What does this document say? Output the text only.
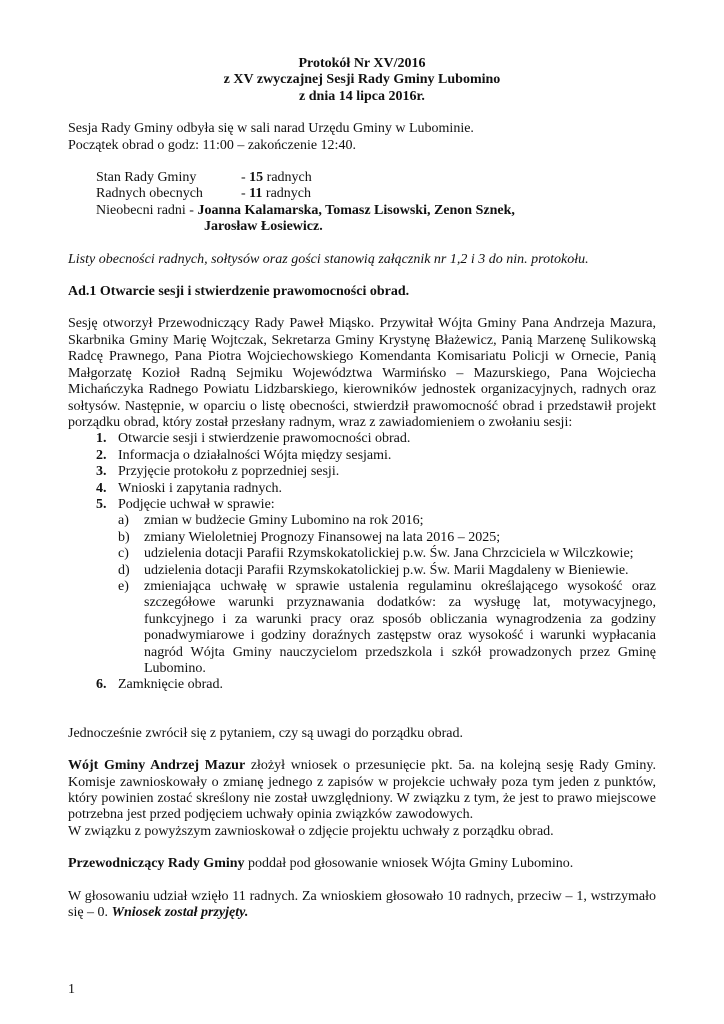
Protokół Nr XV/2016

z XV zwyczajnej Sesji Rady Gminy Lubomino

z dnia 14 lipca 2016r.

Sesja Rady Gminy odbyła się w sali narad Urzędu Gminy w Lubominie.

Początek obrad o godz: 11:00 – zakończenie 12:40.

Stan Rady Gminy	- 15 radnych
Radnych obecnych	- 11 radnych
Nieobecni radni - Joanna Kalamarska, Tomasz Lisowski, Zenon Sznek,
Jarosław Łosiewicz.

Listy obecności radnych, sołtysów oraz gości stanowią załącznik nr 1,2 i 3 do nin. protokołu.

Ad.1 Otwarcie sesji i stwierdzenie prawomocności obrad.

Sesję otworzył Przewodniczący Rady Paweł Miąsko. Przywitał Wójta Gminy Pana Andrzeja Mazura, Skarbnika Gminy Marię Wojtczak, Sekretarza Gminy Krystynę Błażewicz, Panią Marzenę Sulikowską Radcę Prawnego, Pana Piotra Wojciechowskiego Komendanta Komisariatu Policji w Ornecie, Panią Małgorzatę Kozioł Radną Sejmiku Województwa Warmińsko – Mazurskiego, Pana Wojciecha Michańczyka Radnego Powiatu Lidzbarskiego, kierowników jednostek organizacyjnych, radnych oraz sołtysów. Następnie, w oparciu o listę obecności, stwierdził prawomocność obrad i przedstawił projekt porządku obrad, który został przesłany radnym, wraz z zawiadomieniem o zwołaniu sesji:

1. Otwarcie sesji i stwierdzenie prawomocności obrad.
2. Informacja o działalności Wójta między sesjami.
3. Przyjęcie protokołu z poprzedniej sesji.
4. Wnioski i zapytania radnych.
5. Podjęcie uchwał w sprawie:
a) zmian w budżecie Gminy Lubomino na rok 2016;
b) zmiany Wieloletniej Prognozy Finansowej na lata 2016 – 2025;
c) udzielenia dotacji Parafii Rzymskokatolickiej p.w. Św. Jana Chrzciciela w Wilczkowie;
d) udzielenia dotacji Parafii Rzymskokatolickiej p.w. Św. Marii Magdaleny w Bieniewie.
e) zmieniająca uchwałę w sprawie ustalenia regulaminu określającego wysokość oraz szczegółowe warunki przyznawania dodatków: za wysługę lat, motywacyjnego, funkcyjnego i za warunki pracy oraz sposób obliczania wynagrodzenia za godziny ponadwymiarowe i godziny doraźnych zastępstw oraz wysokość i warunki wypłacania nagród Wójta Gminy nauczycielom przedszkola i szkół prowadzonych przez Gminę Lubomino.
6. Zamknięcie obrad.

Jednocześnie zwrócił się z pytaniem, czy są uwagi do porządku obrad.

Wójt Gminy Andrzej Mazur złożył wniosek o przesunięcie pkt. 5a. na kolejną sesję Rady Gminy. Komisje zawnioskowały o zmianę jednego z zapisów w projekcie uchwały poza tym jeden z punktów, który powinien zostać skreślony nie został uwzględniony. W związku z tym, że jest to prawo miejscowe potrzebna jest przed podjęciem uchwały opinia związków zawodowych.

W związku z powyższym zawnioskował o zdjęcie projektu uchwały z porządku obrad.

Przewodniczący Rady Gminy poddał pod głosowanie wniosek Wójta Gminy Lubomino.

W głosowaniu udział wzięło 11 radnych. Za wnioskiem głosowało 10 radnych, przeciw – 1, wstrzymało się – 0. Wniosek został przyjęty.

1
